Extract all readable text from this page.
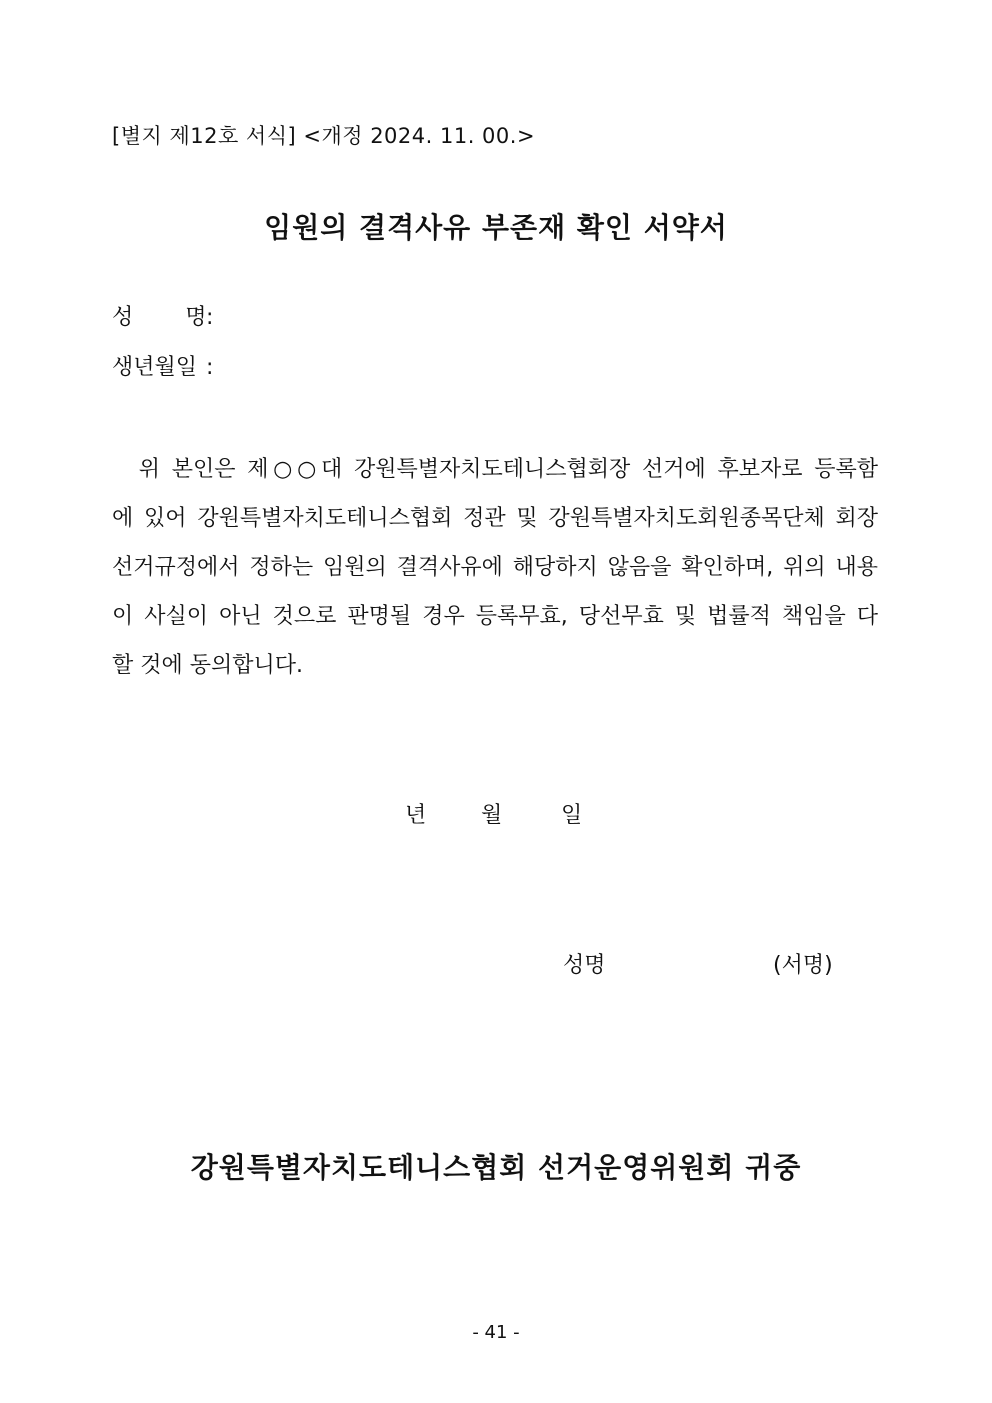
[별지 제12호 서식] <개정 2024. 11. 00.>
임원의 결격사유 부존재 확인 서약서
성 명:
생년월일 :
　위 본인은 제○○대 강원특별자치도테니스협회장 선거에 후보자로 등록함
에 있어 강원특별자치도테니스협회 정관 및 강원특별자치도회원종목단체 회장
선거규정에서 정하는 임원의 결격사유에 해당하지 않음을 확인하며, 위의 내용
이 사실이 아닌 것으로 판명될 경우 등록무효, 당선무효 및 법률적 책임을 다
할 것에 동의합니다.
년 월	일
성명	(서명)
강원특별자치도테니스협회 선거운영위원회 귀중
- 41 -
